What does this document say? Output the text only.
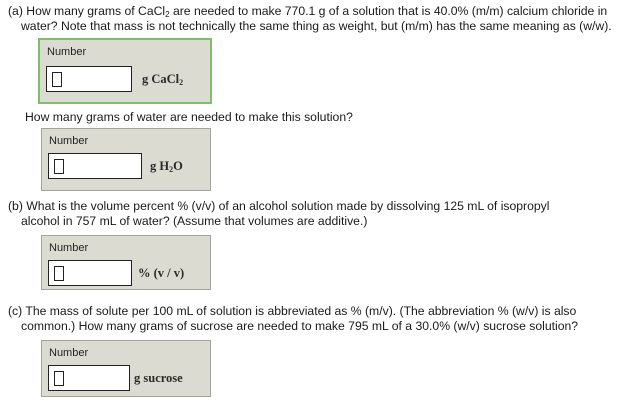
(a) How many grams of CaCl$_2$ are needed to make 770.1 g of a solution that is 40.0% (m/m) calcium chloride in
water? Note that mass is not technically the same thing as weight, but (m/m) has the same meaning as (w/w).
Number
g CaCl$_2$
How many grams of water are needed to make this solution?
Number
g $H_2O$
(b) What is the volume percent % (v/v) of an alcohol solution made by dissolving 125 mL of isopropyl
alcohol in 757 mL of water? (Assume that volumes are additive.)
Number
% (v / v)
(c) The mass of solute per 100 mL of solution is abbreviated as % (m/v). (The abbreviation % (w/v) is also
common.) How many grams of sucrose are needed to make 795 mL of a 30.0% (w/v) sucrose solution?
Number
g sucrose
